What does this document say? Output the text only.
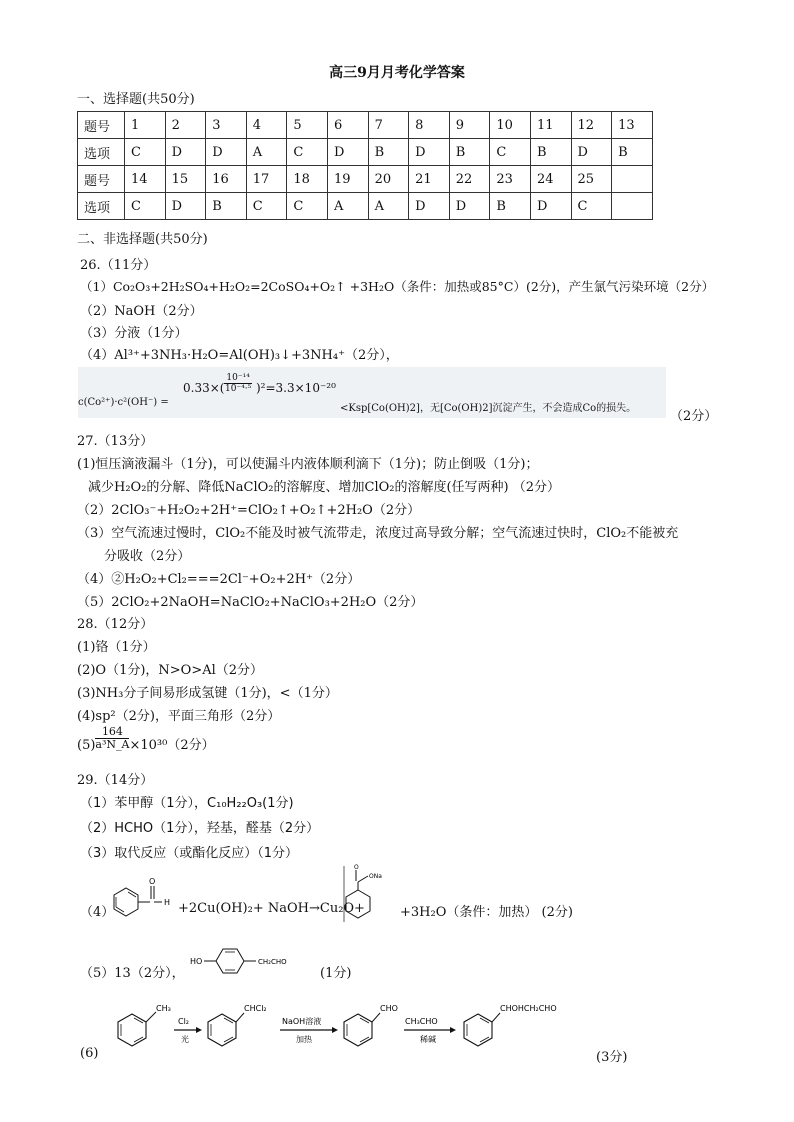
高三9月月考化学答案
一、选择题(共50分)
题号	1	2	3	4	5	6	7	8	9	10	11	12	13
选项	C	D	D	A	C	D	B	D	B	C	B	D	B
题号	14	15	16	17	18	19	20	21	22	23	24	25	
选项	C	D	B	C	C	A	A	D	D	B	D	C	
二、非选择题(共50分)
26.（11分）
（1）Co₂O₃+2H₂SO₄+H₂O₂=2CoSO₄+O₂↑ +3H₂O（条件：加热或85°C）(2分)，产生氯气污染环境（2分）
（2）NaOH（2分）
（3）分液（1分）
（4）Al³⁺+3NH₃·H₂O=Al(OH)₃↓+3NH₄⁺（2分），
c(Co²⁺)·c²(OH⁻) =
$0.33\times( \frac{\text{10⁻¹⁴}}{\text{10⁻⁴·⁵}} )^2=3.3\times 10^{-20}$
<Ksp[Co(OH)2]，无[Co(OH)2]沉淀产生，不会造成Co的损失。
（2分）
27.（13分）
(1)恒压滴液漏斗（1分)，可以使漏斗内液体顺利滴下（1分)；防止倒吸（1分)；
减少H₂O₂的分解、降低NaClO₂的溶解度、增加ClO₂的溶解度(任写两种) （2分）
（2）2ClO₃⁻+H₂O₂+2H⁺=ClO₂↑+O₂↑+2H₂O（2分）
（3）空气流速过慢时，ClO₂不能及时被气流带走，浓度过高导致分解；空气流速过快时，ClO₂不能被充
分吸收（2分）
（4）②H₂O₂+Cl₂===2Cl⁻+O₂+2H⁺（2分）
（5）2ClO₂+2NaOH=NaClO₂+NaClO₃+2H₂O（2分）
28.（12分）
(1)铬（1分）
(2)O（1分)，N>O>Al（2分）
(3)NH₃分子间易形成氢键（1分)，<（1分）
(4)sp²（2分)，平面三角形（2分）
$(5) \frac{164}{\text{a³N\_A}}\times 10^{30}(2$分）
29.（14分）
（1）苯甲醇（1分），C₁₀H₂₂O₃(1分)
（2）HCHO（1分），羟基，醛基（2分）
（3）取代反应（或酯化反应）（1分）
（4）
O
H +2Cu(OH)₂+ NaOH→Cu₂O+
O
ONa
+3H₂O（条件：加热） (2分)
（5）13（2分），
HO	CH₂CHO
(1分)
(6)
CH₃
Cl₂
光
CHCl₂
NaOH溶液
加热
CHO
CH₃CHO
稀碱
CHOHCH₂CHO
(3分)
